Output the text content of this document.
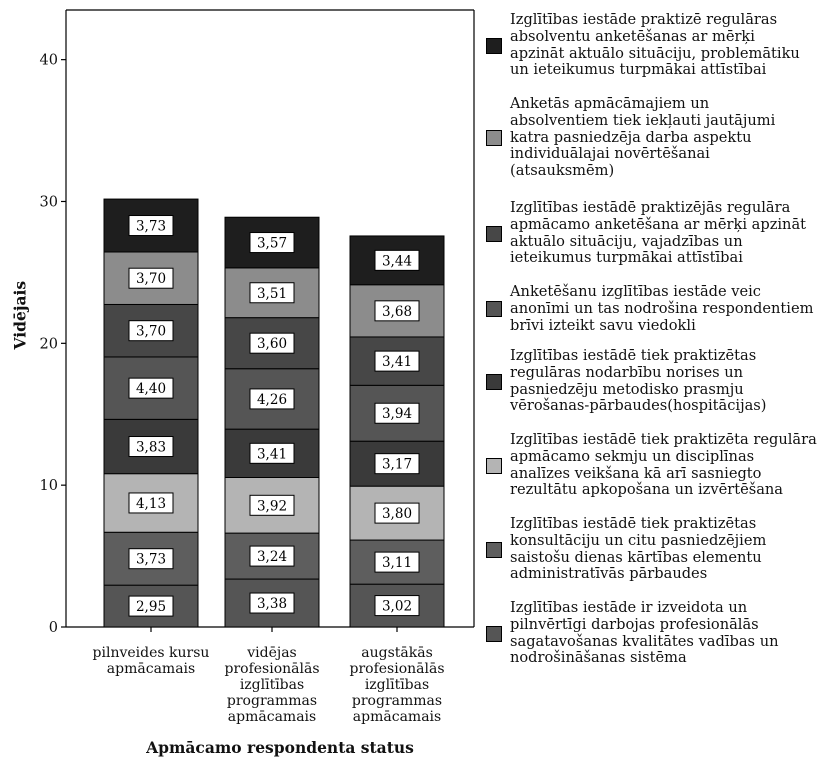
0
10
20
30
40
2,95
3,73
4,13
3,83
4,40
3,70
3,70
3,73
3,38
3,24
3,92
3,41
4,26
3,60
3,51
3,57
3,02
3,11
3,80
3,17
3,94
3,41
3,68
3,44
Vidējais
Apmācamo respondenta status
pilnveides kursu
apmācamais
vidējas
profesionālās
izglītības
programmas
apmācamais
augstākās
profesionālās
izglītības
programmas
apmācamais
Izglītības iestāde praktizē regulāras
absolventu anketēšanas ar mērķi
apzināt aktuālo situāciju, problemātiku
un ieteikumus turpmākai attīstībai
Anketās apmācāmajiem un
absolventiem tiek iekļauti jautājumi
katra pasniedzēja darba aspektu
individuālajai novērtēšanai
(atsauksmēm)
Izglītības iestādē praktizējās regulāra
apmācamo anketēšana ar mērķi apzināt
aktuālo situāciju, vajadzības un
ieteikumus turpmākai attīstībai
Anketēšanu izglītības iestāde veic
anonīmi un tas nodrošina respondentiem
brīvi izteikt savu viedokli
Izglītības iestādē tiek praktizētas
regulāras nodarbību norises un
pasniedzēju metodisko prasmju
vērošanas-pārbaudes(hospitācijas)
Izglītības iestādē tiek praktizēta regulāra
apmācamo sekmju un disciplīnas
analīzes veikšana kā arī sasniegto
rezultātu apkopošana un izvērtēšana
Izglītības iestādē tiek praktizētas
konsultāciju un citu pasniedzējiem
saistošu dienas kārtības elementu
administratīvās pārbaudes
Izglītības iestāde ir izveidota un
pilnvērtīgi darbojas profesionālās
sagatavošanas kvalitātes vadības un
nodrošināšanas sistēma
